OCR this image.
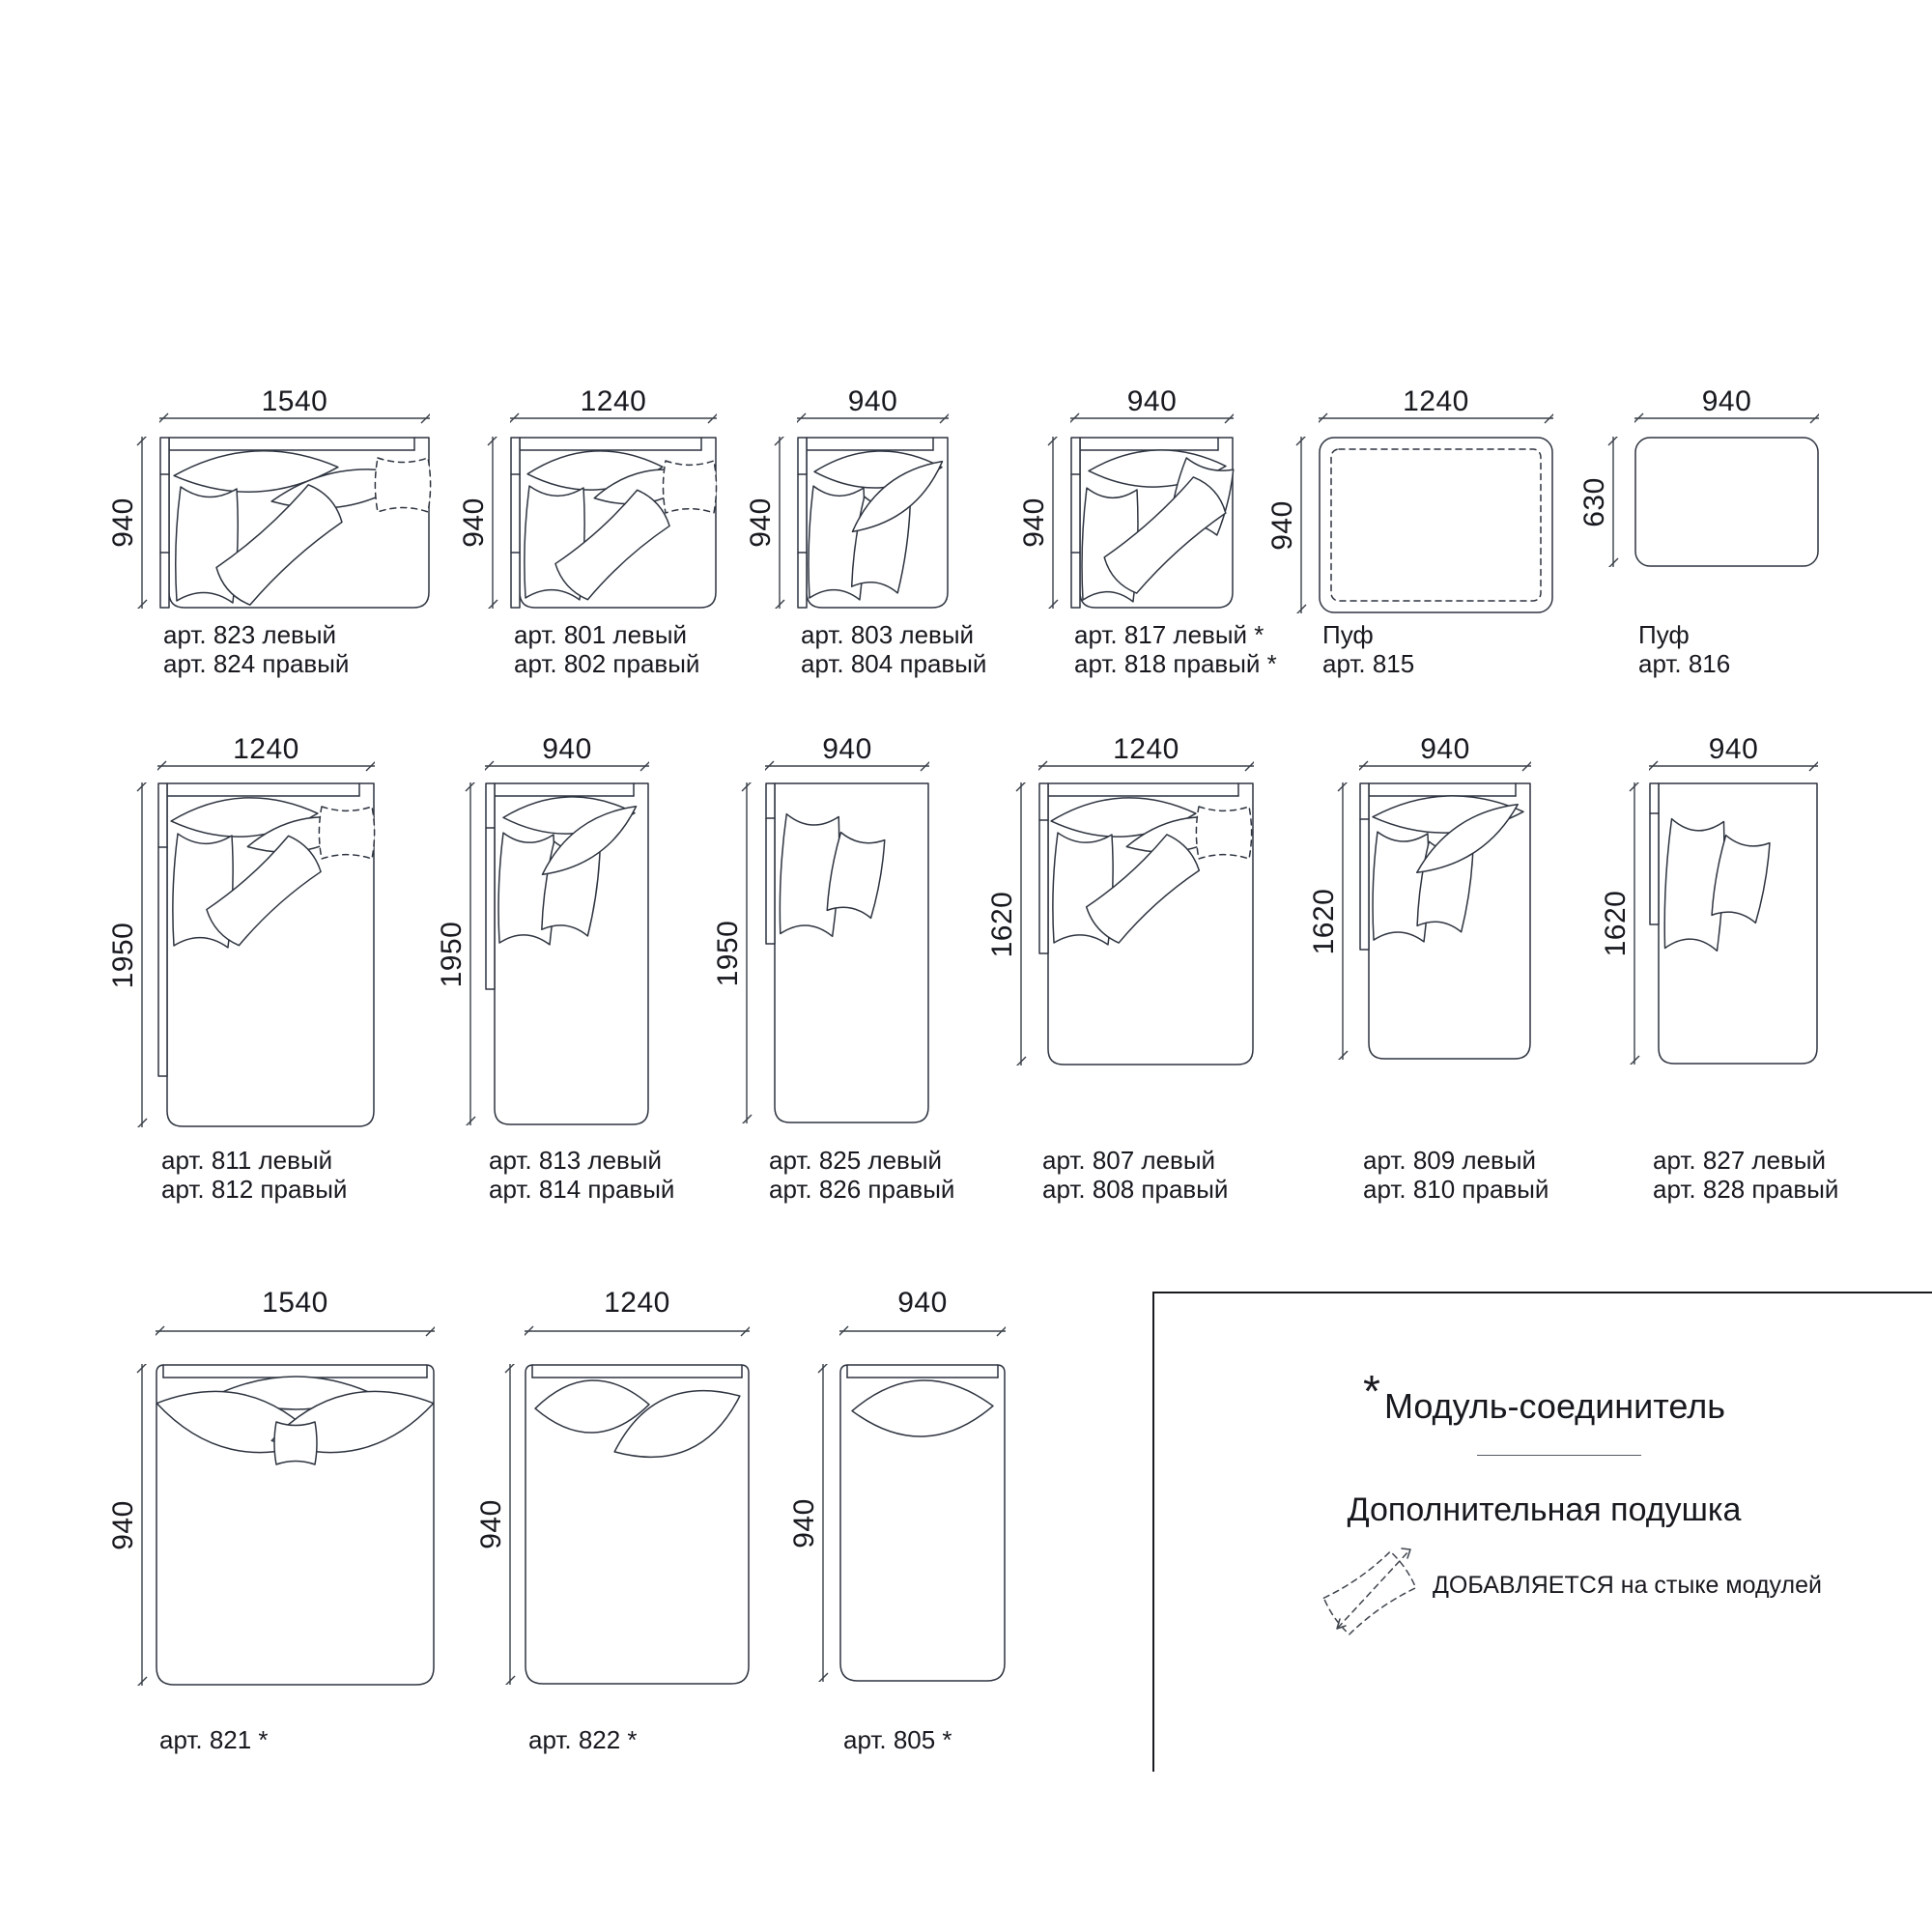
1540
940
арт. 823 левый
арт. 824 правый
1240
940
арт. 801 левый
арт. 802 правый
940
940
арт. 803 левый
арт. 804 правый
940
940
арт. 817 левый *
арт. 818 правый *
1240
940
Пуф
арт. 815
940
630
Пуф
арт. 816
1240
1950
арт. 811 левый
арт. 812 правый
940
1950
арт. 813 левый
арт. 814 правый
940
1950
арт. 825 левый
арт. 826 правый
1240
1620
арт. 807 левый
арт. 808 правый
940
1620
арт. 809 левый
арт. 810 правый
940
1620
арт. 827 левый
арт. 828 правый
1540
940
арт. 821 *
1240
940
арт. 822 *
940
940
арт. 805 *
* Модуль-соединитель
Дополнительная подушка
ДОБАВЛЯЕТСЯ на стыке модулей
